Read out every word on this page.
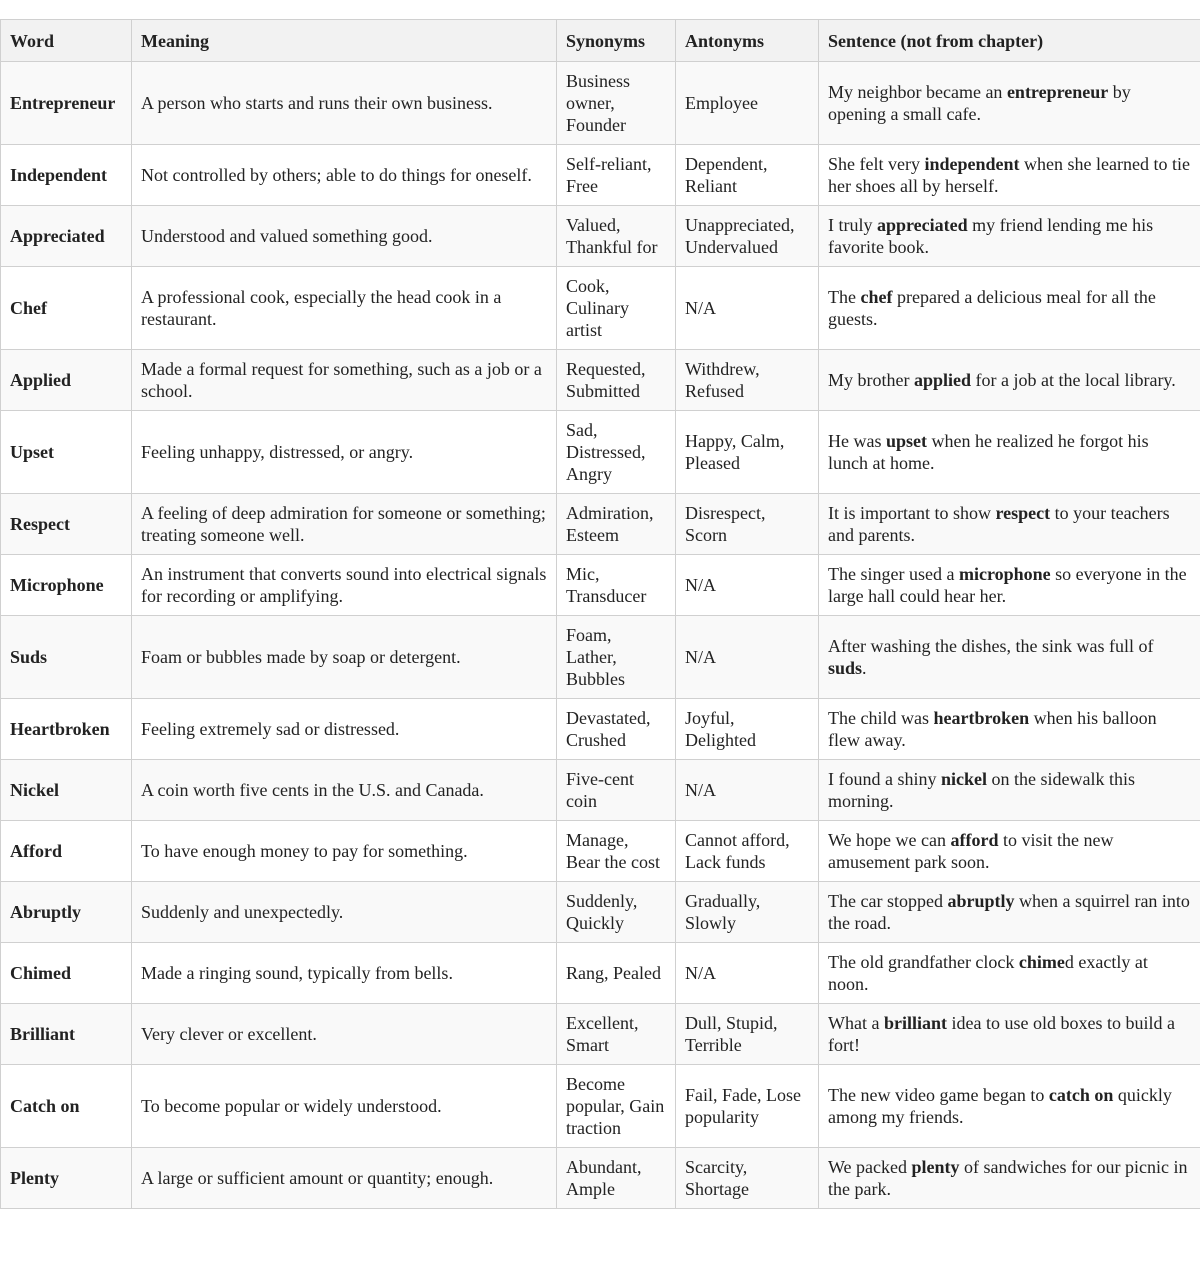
Word	Meaning	Synonyms	Antonyms	Sentence (not from chapter)
Entrepreneur	A person who starts and runs their own business.	Business owner, Founder	Employee	My neighbor became an entrepreneur by opening a small cafe.
Independent	Not controlled by others; able to do things for oneself.	Self-reliant, Free	Dependent, Reliant	She felt very independent when she learned to tie her shoes all by herself.
Appreciated	Understood and valued something good.	Valued, Thankful for	Unappreciated, Undervalued	I truly appreciated my friend lending me his favorite book.
Chef	A professional cook, especially the head cook in a restaurant.	Cook, Culinary artist	N/A	The chef prepared a delicious meal for all the guests.
Applied	Made a formal request for something, such as a job or a school.	Requested, Submitted	Withdrew, Refused	My brother applied for a job at the local library.
Upset	Feeling unhappy, distressed, or angry.	Sad, Distressed, Angry	Happy, Calm, Pleased	He was upset when he realized he forgot his lunch at home.
Respect	A feeling of deep admiration for someone or something; treating someone well.	Admiration, Esteem	Disrespect, Scorn	It is important to show respect to your teachers and parents.
Microphone	An instrument that converts sound into electrical signals for recording or amplifying.	Mic, Transducer	N/A	The singer used a microphone so everyone in the large hall could hear her.
Suds	Foam or bubbles made by soap or detergent.	Foam, Lather, Bubbles	N/A	After washing the dishes, the sink was full of suds.
Heartbroken	Feeling extremely sad or distressed.	Devastated, Crushed	Joyful, Delighted	The child was heartbroken when his balloon flew away.
Nickel	A coin worth five cents in the U.S. and Canada.	Five-cent coin	N/A	I found a shiny nickel on the sidewalk this morning.
Afford	To have enough money to pay for something.	Manage, Bear the cost	Cannot afford, Lack funds	We hope we can afford to visit the new amusement park soon.
Abruptly	Suddenly and unexpectedly.	Suddenly, Quickly	Gradually, Slowly	The car stopped abruptly when a squirrel ran into the road.
Chimed	Made a ringing sound, typically from bells.	Rang, Pealed	N/A	The old grandfather clock chimed exactly at noon.
Brilliant	Very clever or excellent.	Excellent, Smart	Dull, Stupid, Terrible	What a brilliant idea to use old boxes to build a fort!
Catch on	To become popular or widely understood.	Become popular, Gain traction	Fail, Fade, Lose popularity	The new video game began to catch on quickly among my friends.
Plenty	A large or sufficient amount or quantity; enough.	Abundant, Ample	Scarcity, Shortage	We packed plenty of sandwiches for our picnic in the park.
